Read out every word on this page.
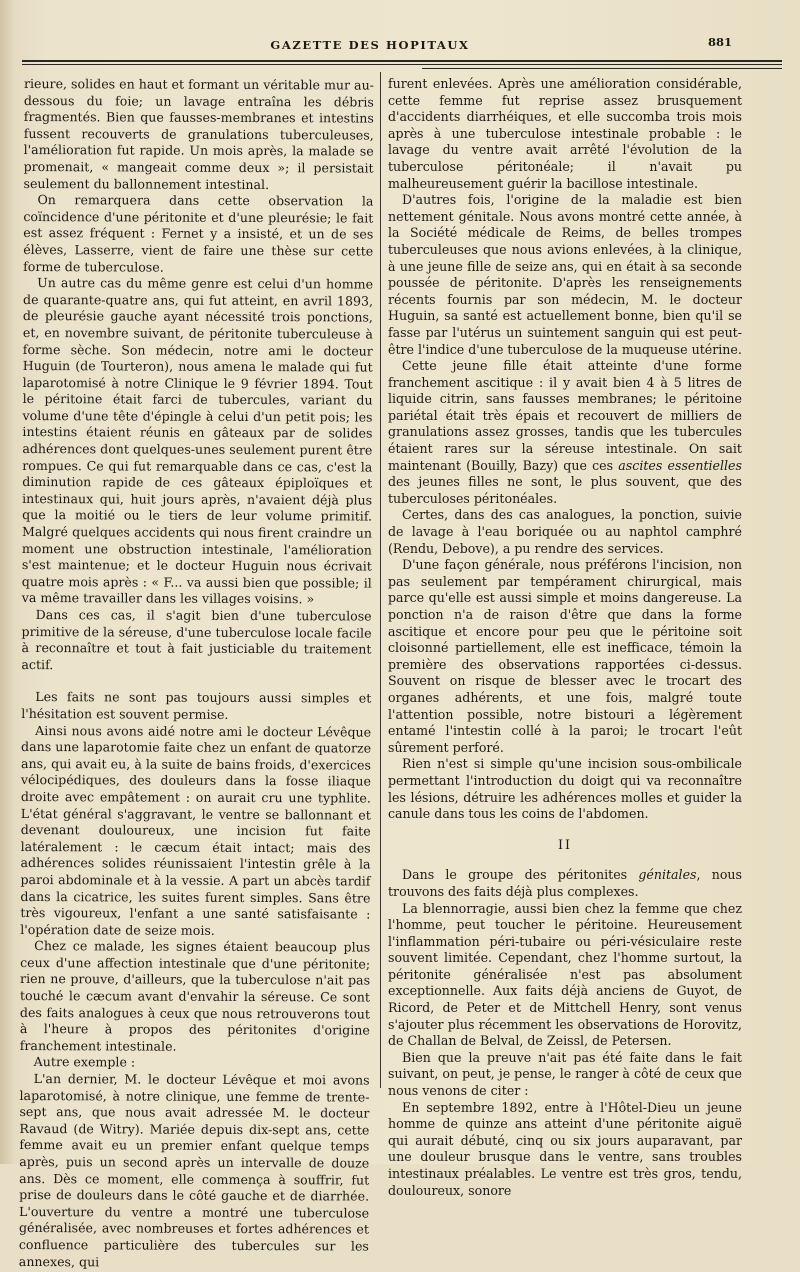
GAZETTE DES HOPITAUX	881

rieure, solides en haut et formant un véritable mur au-dessous du foie; un lavage entraîna les débris fragmentés. Bien que fausses-membranes et intestins fussent recouverts de granulations tuberculeuses, l'amélioration fut rapide. Un mois après, la malade se promenait, « mangeait comme deux »; il persistait seulement du ballonnement intestinal.

On remarquera dans cette observation la coïncidence d'une péritonite et d'une pleurésie; le fait est assez fréquent : Fernet y a insisté, et un de ses élèves, Lasserre, vient de faire une thèse sur cette forme de tuberculose.

Un autre cas du même genre est celui d'un homme de quarante-quatre ans, qui fut atteint, en avril 1893, de pleurésie gauche ayant nécessité trois ponctions, et, en novembre suivant, de péritonite tuberculeuse à forme sèche. Son médecin, notre ami le docteur Huguin (de Tourteron), nous amena le malade qui fut laparotomisé à notre Clinique le 9 février 1894. Tout le péritoine était farci de tubercules, variant du volume d'une tête d'épingle à celui d'un petit pois; les intestins étaient réunis en gâteaux par de solides adhérences dont quelques-unes seulement purent être rompues. Ce qui fut remarquable dans ce cas, c'est la diminution rapide de ces gâteaux épiploïques et intestinaux qui, huit jours après, n'avaient déjà plus que la moitié ou le tiers de leur volume primitif. Malgré quelques accidents qui nous firent craindre un moment une obstruction intestinale, l'amélioration s'est maintenue; et le docteur Huguin nous écrivait quatre mois après : « F... va aussi bien que possible; il va même travailler dans les villages voisins. »

Dans ces cas, il s'agit bien d'une tuberculose primitive de la séreuse, d'une tuberculose locale facile à reconnaître et tout à fait justiciable du traitement actif.

Les faits ne sont pas toujours aussi simples et l'hésitation est souvent permise.

Ainsi nous avons aidé notre ami le docteur Lévêque dans une laparotomie faite chez un enfant de quatorze ans, qui avait eu, à la suite de bains froids, d'exercices vélocipédiques, des douleurs dans la fosse iliaque droite avec empâtement : on aurait cru une typhlite. L'état général s'aggravant, le ventre se ballonnant et devenant douloureux, une incision fut faite latéralement : le cæcum était intact; mais des adhérences solides réunissaient l'intestin grêle à la paroi abdominale et à la vessie. A part un abcès tardif dans la cicatrice, les suites furent simples. Sans être très vigoureux, l'enfant a une santé satisfaisante : l'opération date de seize mois.

Chez ce malade, les signes étaient beaucoup plus ceux d'une affection intestinale que d'une péritonite; rien ne prouve, d'ailleurs, que la tuberculose n'ait pas touché le cæcum avant d'envahir la séreuse. Ce sont des faits analogues à ceux que nous retrouverons tout à l'heure à propos des péritonites d'origine franchement intestinale.

Autre exemple :

L'an dernier, M. le docteur Lévêque et moi avons laparotomisé, à notre clinique, une femme de trente-sept ans, que nous avait adressée M. le docteur Ravaud (de Witry). Mariée depuis dix-sept ans, cette femme avait eu un premier enfant quelque temps après, puis un second après un intervalle de douze ans. Dès ce moment, elle commença à souffrir, fut prise de douleurs dans le côté gauche et de diarrhée. L'ouverture du ventre a montré une tuberculose généralisée, avec nombreuses et fortes adhérences et confluence particulière des tubercules sur les annexes, qui

furent enlevées. Après une amélioration considérable, cette femme fut reprise assez brusquement d'accidents diarrhéiques, et elle succomba trois mois après à une tuberculose intestinale probable : le lavage du ventre avait arrêté l'évolution de la tuberculose péritonéale; il n'avait pu malheureusement guérir la bacillose intestinale.

D'autres fois, l'origine de la maladie est bien nettement génitale. Nous avons montré cette année, à la Société médicale de Reims, de belles trompes tuberculeuses que nous avions enlevées, à la clinique, à une jeune fille de seize ans, qui en était à sa seconde poussée de péritonite. D'après les renseignements récents fournis par son médecin, M. le docteur Huguin, sa santé est actuellement bonne, bien qu'il se fasse par l'utérus un suintement sanguin qui est peut-être l'indice d'une tuberculose de la muqueuse utérine.

Cette jeune fille était atteinte d'une forme franchement ascitique : il y avait bien 4 à 5 litres de liquide citrin, sans fausses membranes; le péritoine pariétal était très épais et recouvert de milliers de granulations assez grosses, tandis que les tubercules étaient rares sur la séreuse intestinale. On sait maintenant (Bouilly, Bazy) que ces ascites essentielles des jeunes filles ne sont, le plus souvent, que des tuberculoses péritonéales.

Certes, dans des cas analogues, la ponction, suivie de lavage à l'eau boriquée ou au naphtol camphré (Rendu, Debove), a pu rendre des services.

D'une façon générale, nous préférons l'incision, non pas seulement par tempérament chirurgical, mais parce qu'elle est aussi simple et moins dangereuse. La ponction n'a de raison d'être que dans la forme ascitique et encore pour peu que le péritoine soit cloisonné partiellement, elle est inefficace, témoin la première des observations rapportées ci-dessus. Souvent on risque de blesser avec le trocart des organes adhérents, et une fois, malgré toute l'attention possible, notre bistouri a légèrement entamé l'intestin collé à la paroi; le trocart l'eût sûrement perforé.

Rien n'est si simple qu'une incision sous-ombilicale permettant l'introduction du doigt qui va reconnaître les lésions, détruire les adhérences molles et guider la canule dans tous les coins de l'abdomen.

II

Dans le groupe des péritonites génitales, nous trouvons des faits déjà plus complexes.

La blennorragie, aussi bien chez la femme que chez l'homme, peut toucher le péritoine. Heureusement l'inflammation péri-tubaire ou péri-vésiculaire reste souvent limitée. Cependant, chez l'homme surtout, la péritonite généralisée n'est pas absolument exceptionnelle. Aux faits déjà anciens de Guyot, de Ricord, de Peter et de Mittchell Henry, sont venus s'ajouter plus récemment les observations de Horovitz, de Challan de Belval, de Zeissl, de Petersen.

Bien que la preuve n'ait pas été faite dans le fait suivant, on peut, je pense, le ranger à côté de ceux que nous venons de citer :

En septembre 1892, entre à l'Hôtel-Dieu un jeune homme de quinze ans atteint d'une péritonite aiguë qui aurait débuté, cinq ou six jours auparavant, par une douleur brusque dans le ventre, sans troubles intestinaux préalables. Le ventre est très gros, tendu, douloureux, sonore
